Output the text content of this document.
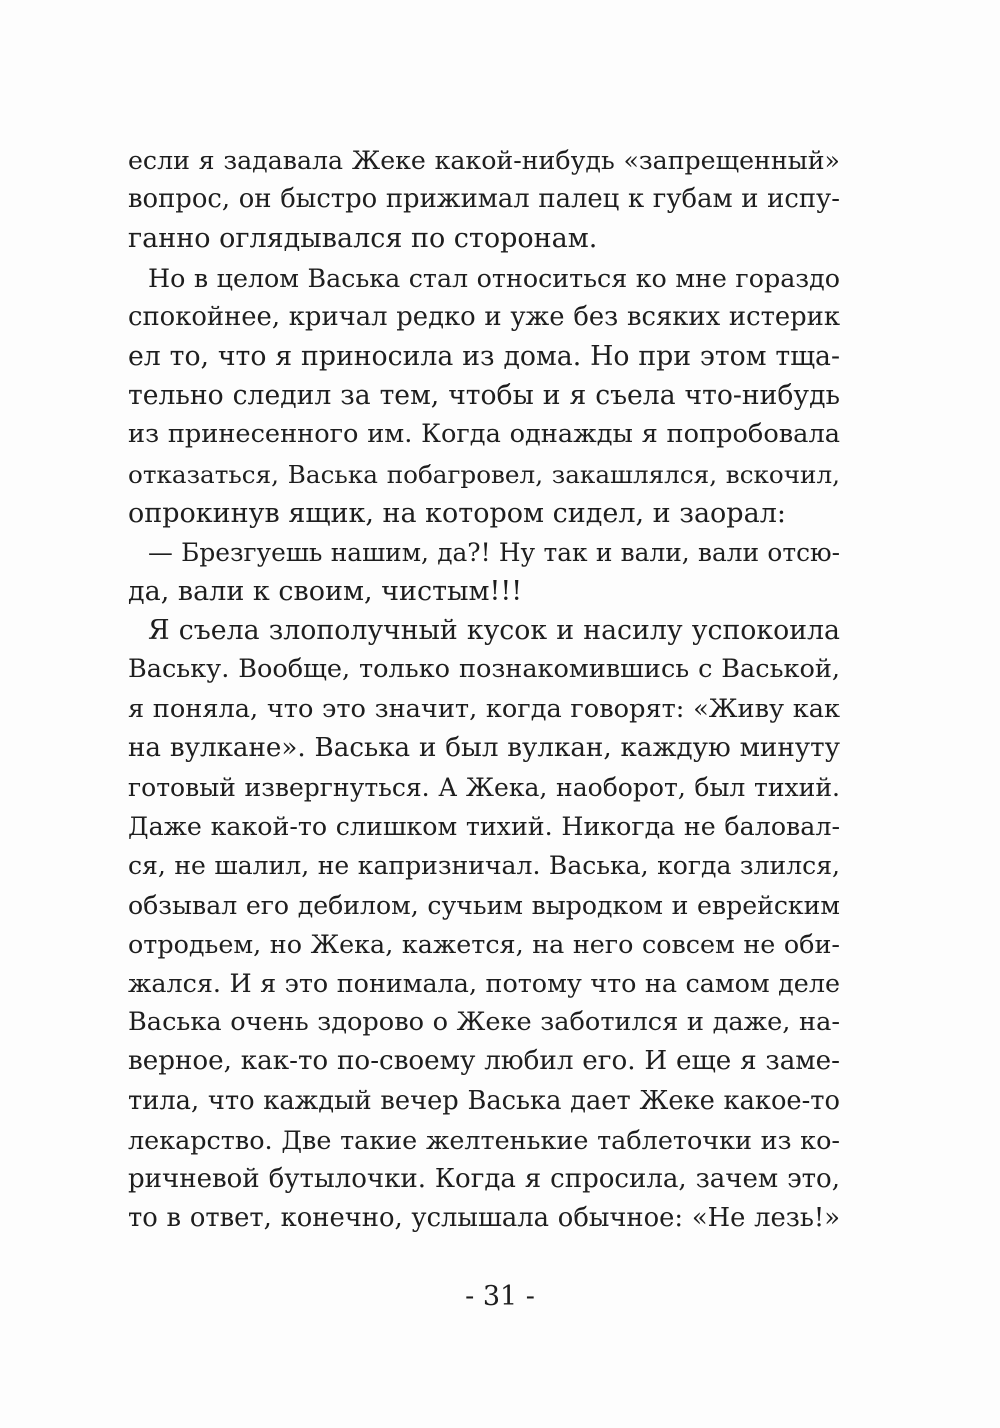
если я задавала Жеке какой-нибудь «запрещенный»
вопрос, он быстро прижимал палец к губам и испу-
ганно оглядывался по сторонам.
Но в целом Васька стал относиться ко мне гораздо
спокойнее, кричал редко и уже без всяких истерик
ел то, что я приносила из дома. Но при этом тща-
тельно следил за тем, чтобы и я съела что-нибудь
из принесенного им. Когда однажды я попробовала
отказаться, Васька побагровел, закашлялся, вскочил,
опрокинув ящик, на котором сидел, и заорал:
— Брезгуешь нашим, да?! Ну так и вали, вали отсю-
да, вали к своим, чистым!!!
Я съела злополучный кусок и насилу успокоила
Ваську. Вообще, только познакомившись с Васькой,
я поняла, что это значит, когда говорят: «Живу как
на вулкане». Васька и был вулкан, каждую минуту
готовый извергнуться. А Жека, наоборот, был тихий.
Даже какой-то слишком тихий. Никогда не баловал-
ся, не шалил, не капризничал. Васька, когда злился,
обзывал его дебилом, сучьим выродком и еврейским
отродьем, но Жека, кажется, на него совсем не оби-
жался. И я это понимала, потому что на самом деле
Васька очень здорово о Жеке заботился и даже, на-
верное, как-то по-своему любил его. И еще я заме-
тила, что каждый вечер Васька дает Жеке какое-то
лекарство. Две такие желтенькие таблеточки из ко-
ричневой бутылочки. Когда я спросила, зачем это,
то в ответ, конечно, услышала обычное: «Не лезь!»
- 31 -
